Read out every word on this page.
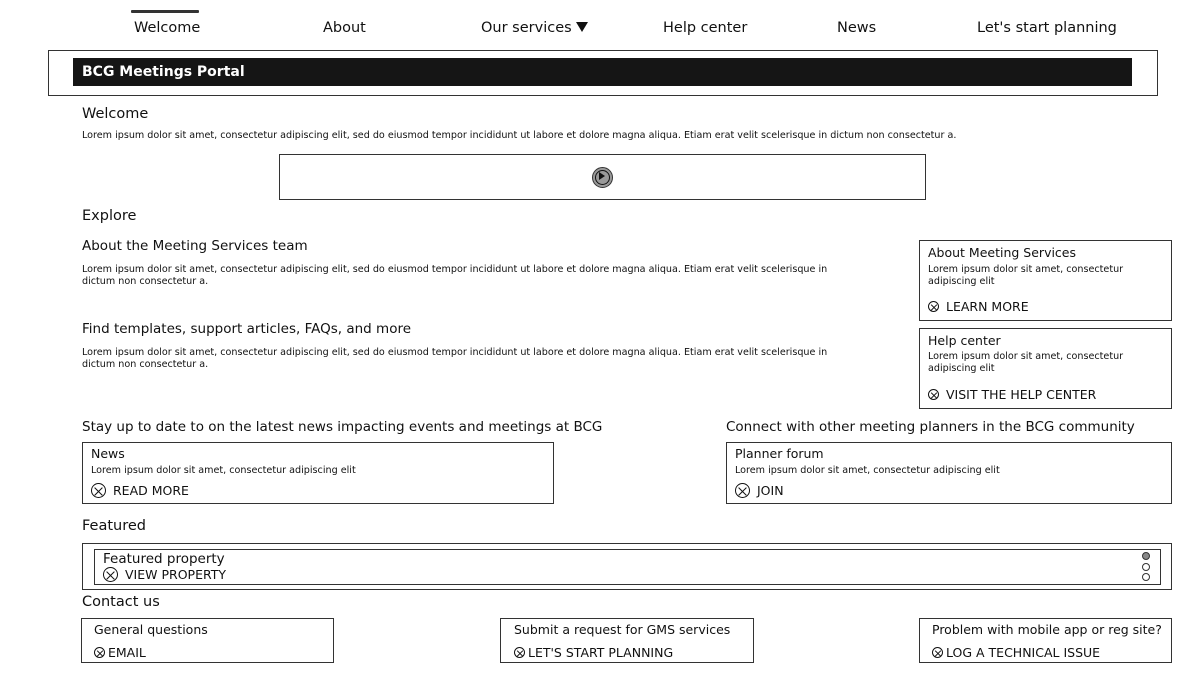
Welcome	About	Our services	Help center	News	Let's start planning
BCG Meetings Portal
Welcome
Lorem ipsum dolor sit amet, consectetur adipiscing elit, sed do eiusmod tempor incididunt ut labore et dolore magna aliqua. Etiam erat velit scelerisque in dictum non consectetur a.
Explore
About the Meeting Services team
Lorem ipsum dolor sit amet, consectetur adipiscing elit, sed do eiusmod tempor incididunt ut labore et dolore magna aliqua. Etiam erat velit scelerisque in dictum non consectetur a.
Find templates, support articles, FAQs, and more
Lorem ipsum dolor sit amet, consectetur adipiscing elit, sed do eiusmod tempor incididunt ut labore et dolore magna aliqua. Etiam erat velit scelerisque in dictum non consectetur a.
About Meeting Services
Lorem ipsum dolor sit amet, consectetur adipiscing elit
LEARN MORE
Help center
Lorem ipsum dolor sit amet, consectetur adipiscing elit
VISIT THE HELP CENTER
Stay up to date to on the latest news impacting events and meetings at BCG
News
Lorem ipsum dolor sit amet, consectetur adipiscing elit
READ MORE
Connect with other meeting planners in the BCG community
Planner forum
Lorem ipsum dolor sit amet, consectetur adipiscing elit
JOIN
Featured
Featured property
VIEW PROPERTY
Contact us
General questions
EMAIL
Submit a request for GMS services
LET'S START PLANNING
Problem with mobile app or reg site?
LOG A TECHNICAL ISSUE
